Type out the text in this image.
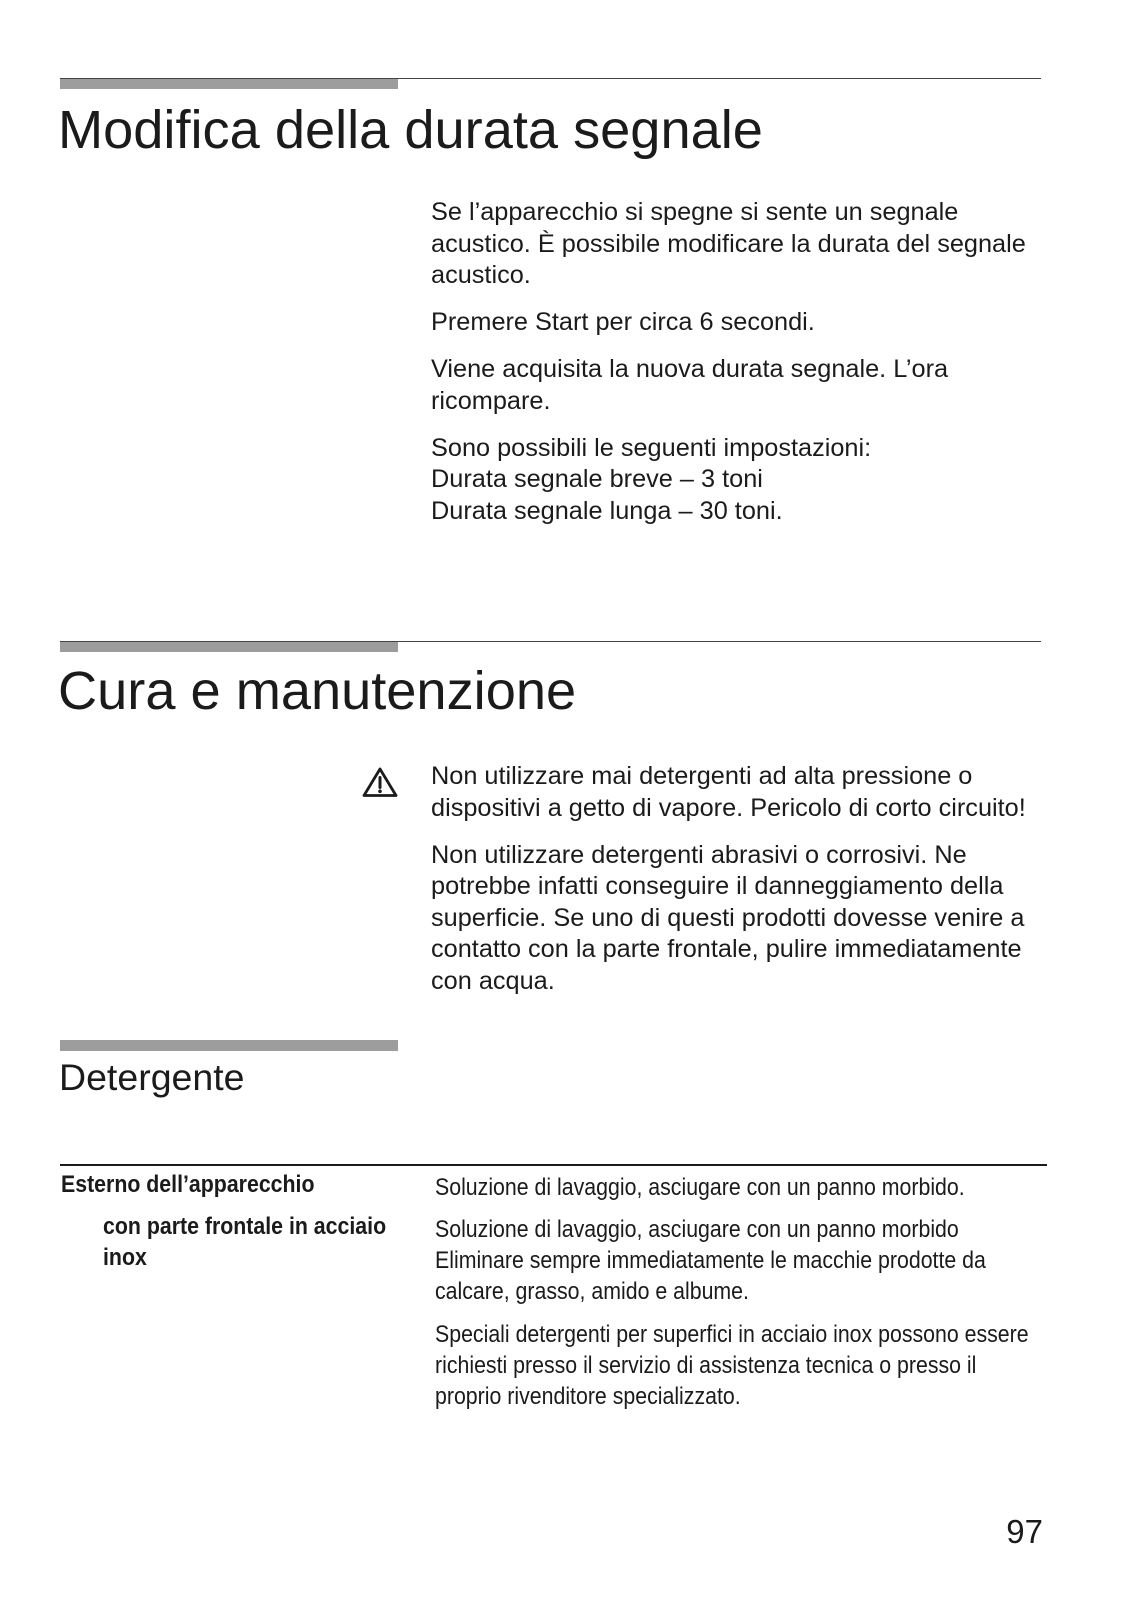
Modifica della durata segnale

Se l’apparecchio si spegne si sente un segnale
acustico. È possibile modificare la durata del segnale
acustico.

Premere Start per circa 6 secondi.

Viene acquisita la nuova durata segnale. L’ora
ricompare.

Sono possibili le seguenti impostazioni:
Durata segnale breve – 3 toni
Durata segnale lunga – 30 toni.

Cura e manutenzione

Non utilizzare mai detergenti ad alta pressione o
dispositivi a getto di vapore. Pericolo di corto circuito!

Non utilizzare detergenti abrasivi o corrosivi. Ne
potrebbe infatti conseguire il danneggiamento della
superficie. Se uno di questi prodotti dovesse venire a
contatto con la parte frontale, pulire immediatamente
con acqua.

Detergente
Esterno dell’apparecchio	Soluzione di lavaggio, asciugare con un panno morbido.

con parte frontale in acciaio
inox

Soluzione di lavaggio, asciugare con un panno morbido
Eliminare sempre immediatamente le macchie prodotte da
calcare, grasso, amido e albume.

Speciali detergenti per superfici in acciaio inox possono essere
richiesti presso il servizio di assistenza tecnica o presso il
proprio rivenditore specializzato.

97
